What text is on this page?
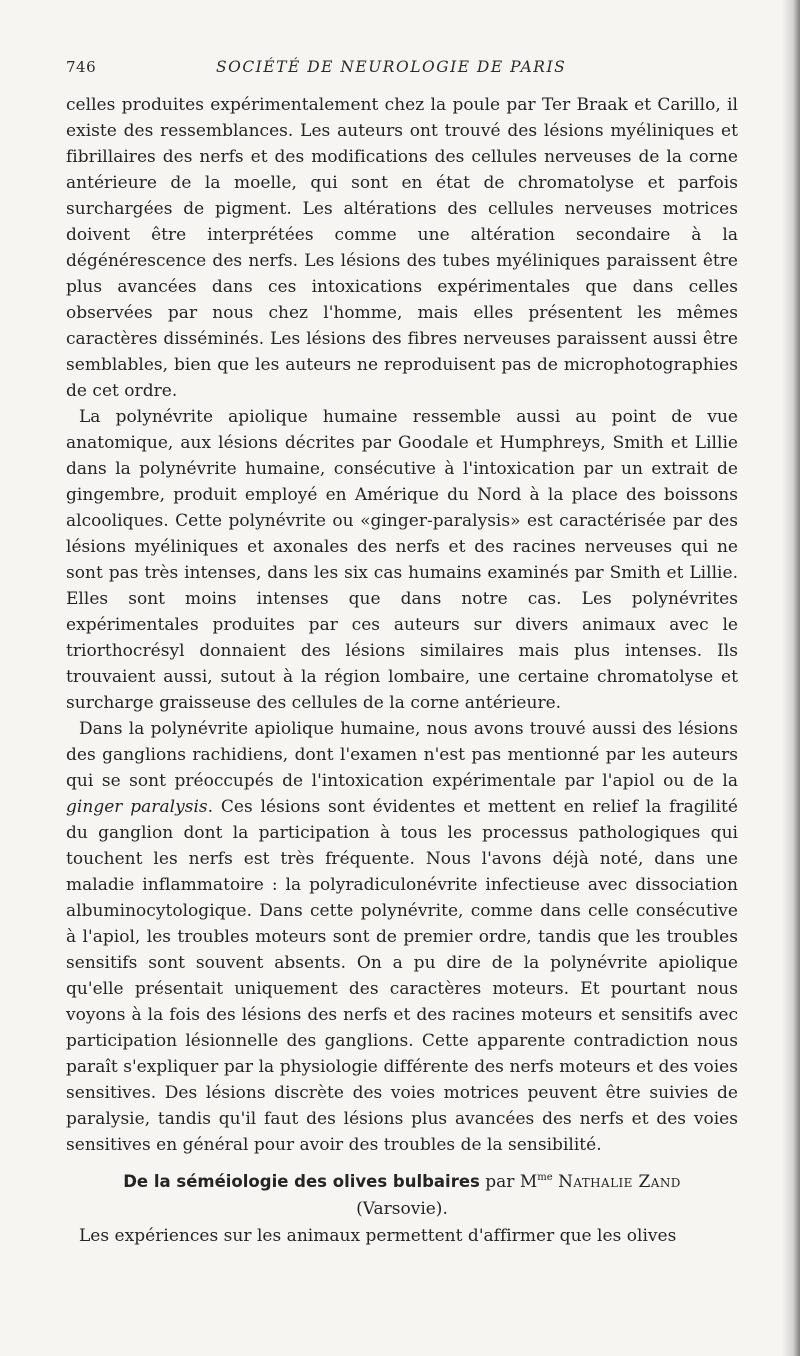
746	SOCIÉTÉ DE NEUROLOGIE DE PARIS

celles produites expérimentalement chez la poule par Ter Braak et Carillo, il existe des ressemblances. Les auteurs ont trouvé des lésions myéliniques et fibrillaires des nerfs et des modifications des cellules nerveuses de la corne antérieure de la moelle, qui sont en état de chromatolyse et parfois surchargées de pigment. Les altérations des cellules nerveuses motrices doivent être interprétées comme une altération secondaire à la dégénérescence des nerfs. Les lésions des tubes myéliniques paraissent être plus avancées dans ces intoxications expérimentales que dans celles observées par nous chez l'homme, mais elles présentent les mêmes caractères disséminés. Les lésions des fibres nerveuses paraissent aussi être semblables, bien que les auteurs ne reproduisent pas de microphotographies de cet ordre.

La polynévrite apiolique humaine ressemble aussi au point de vue anatomique, aux lésions décrites par Goodale et Humphreys, Smith et Lillie dans la polynévrite humaine, consécutive à l'intoxication par un extrait de gingembre, produit employé en Amérique du Nord à la place des boissons alcooliques. Cette polynévrite ou «ginger-paralysis» est caractérisée par des lésions myéliniques et axonales des nerfs et des racines nerveuses qui ne sont pas très intenses, dans les six cas humains examinés par Smith et Lillie. Elles sont moins intenses que dans notre cas. Les polynévrites expérimentales produites par ces auteurs sur divers animaux avec le triorthocrésyl donnaient des lésions similaires mais plus intenses. Ils trouvaient aussi, sutout à la région lombaire, une certaine chromatolyse et surcharge graisseuse des cellules de la corne antérieure.

Dans la polynévrite apiolique humaine, nous avons trouvé aussi des lésions des ganglions rachidiens, dont l'examen n'est pas mentionné par les auteurs qui se sont préoccupés de l'intoxication expérimentale par l'apiol ou de la ginger paralysis. Ces lésions sont évidentes et mettent en relief la fragilité du ganglion dont la participation à tous les processus pathologiques qui touchent les nerfs est très fréquente. Nous l'avons déjà noté, dans une maladie inflammatoire : la polyradiculonévrite infectieuse avec dissociation albuminocytologique. Dans cette polynévrite, comme dans celle consécutive à l'apiol, les troubles moteurs sont de premier ordre, tandis que les troubles sensitifs sont souvent absents. On a pu dire de la polynévrite apiolique qu'elle présentait uniquement des caractères moteurs. Et pourtant nous voyons à la fois des lésions des nerfs et des racines moteurs et sensitifs avec participation lésionnelle des ganglions. Cette apparente contradiction nous paraît s'expliquer par la physiologie différente des nerfs moteurs et des voies sensitives. Des lésions discrète des voies motrices peuvent être suivies de paralysie, tandis qu'il faut des lésions plus avancées des nerfs et des voies sensitives en général pour avoir des troubles de la sensibilité.

De la séméiologie des olives bulbaires par $M^{me}$ Nathalie Zand

(Varsovie).

Les expériences sur les animaux permettent d'affirmer que les olives
